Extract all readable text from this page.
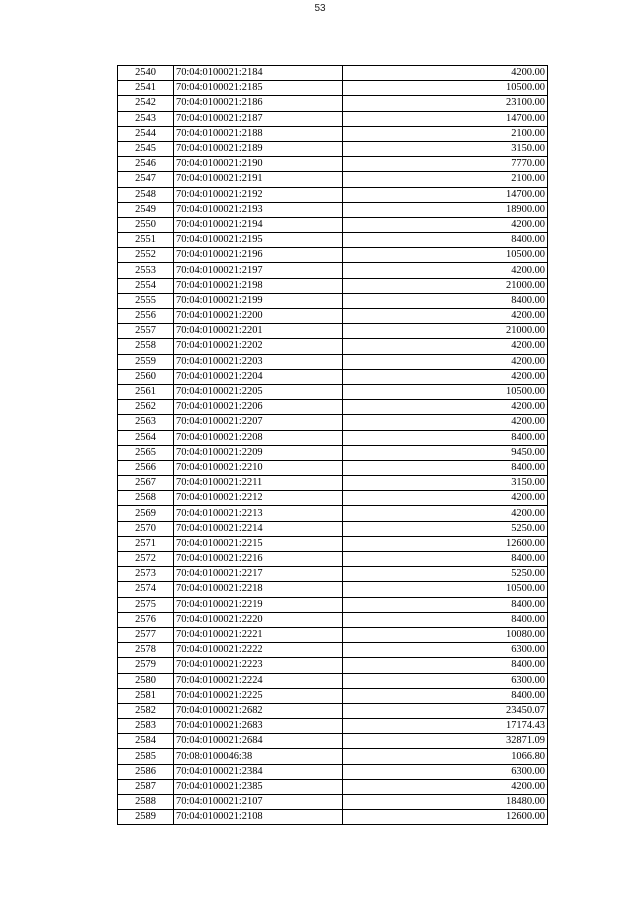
53
2540	70:04:0100021:2184	4200.00
2541	70:04:0100021:2185	10500.00
2542	70:04:0100021:2186	23100.00
2543	70:04:0100021:2187	14700.00
2544	70:04:0100021:2188	2100.00
2545	70:04:0100021:2189	3150.00
2546	70:04:0100021:2190	7770.00
2547	70:04:0100021:2191	2100.00
2548	70:04:0100021:2192	14700.00
2549	70:04:0100021:2193	18900.00
2550	70:04:0100021:2194	4200.00
2551	70:04:0100021:2195	8400.00
2552	70:04:0100021:2196	10500.00
2553	70:04:0100021:2197	4200.00
2554	70:04:0100021:2198	21000.00
2555	70:04:0100021:2199	8400.00
2556	70:04:0100021:2200	4200.00
2557	70:04:0100021:2201	21000.00
2558	70:04:0100021:2202	4200.00
2559	70:04:0100021:2203	4200.00
2560	70:04:0100021:2204	4200.00
2561	70:04:0100021:2205	10500.00
2562	70:04:0100021:2206	4200.00
2563	70:04:0100021:2207	4200.00
2564	70:04:0100021:2208	8400.00
2565	70:04:0100021:2209	9450.00
2566	70:04:0100021:2210	8400.00
2567	70:04:0100021:2211	3150.00
2568	70:04:0100021:2212	4200.00
2569	70:04:0100021:2213	4200.00
2570	70:04:0100021:2214	5250.00
2571	70:04:0100021:2215	12600.00
2572	70:04:0100021:2216	8400.00
2573	70:04:0100021:2217	5250.00
2574	70:04:0100021:2218	10500.00
2575	70:04:0100021:2219	8400.00
2576	70:04:0100021:2220	8400.00
2577	70:04:0100021:2221	10080.00
2578	70:04:0100021:2222	6300.00
2579	70:04:0100021:2223	8400.00
2580	70:04:0100021:2224	6300.00
2581	70:04:0100021:2225	8400.00
2582	70:04:0100021:2682	23450.07
2583	70:04:0100021:2683	17174.43
2584	70:04:0100021:2684	32871.09
2585	70:08:0100046:38	1066.80
2586	70:04:0100021:2384	6300.00
2587	70:04:0100021:2385	4200.00
2588	70:04:0100021:2107	18480.00
2589	70:04:0100021:2108	12600.00
